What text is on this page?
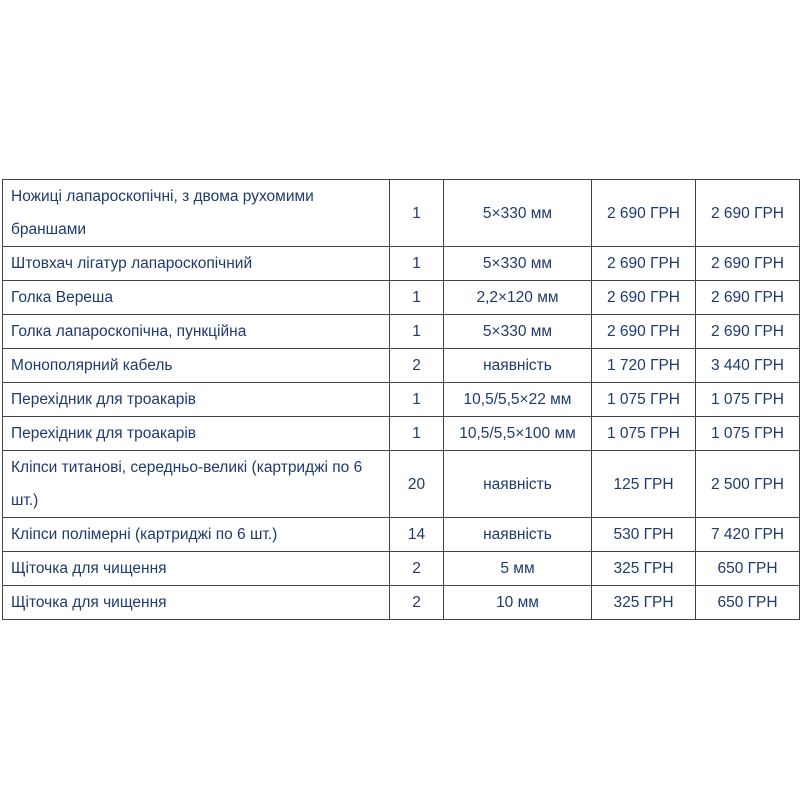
Ножиці лапароскопічні, з двома рухомими браншами	1	5×330 мм	2 690 ГРН	2 690 ГРН
Штовхач лігатур лапароскопічний	1	5×330 мм	2 690 ГРН	2 690 ГРН
Голка Вереша	1	2,2×120 мм	2 690 ГРН	2 690 ГРН
Голка лапароскопічна, пункційна	1	5×330 мм	2 690 ГРН	2 690 ГРН
Монополярний кабель	2	наявність	1 720 ГРН	3 440 ГРН
Перехідник для троакарів	1	10,5/5,5×22 мм	1 075 ГРН	1 075 ГРН
Перехідник для троакарів	1	10,5/5,5×100 мм	1 075 ГРН	1 075 ГРН
Кліпси титанові, середньо-великі (картриджі по 6 шт.)	20	наявність	125 ГРН	2 500 ГРН
Кліпси полімерні (картриджі по 6 шт.)	14	наявність	530 ГРН	7 420 ГРН
Щіточка для чищення	2	5 мм	325 ГРН	650 ГРН
Щіточка для чищення	2	10 мм	325 ГРН	650 ГРН
